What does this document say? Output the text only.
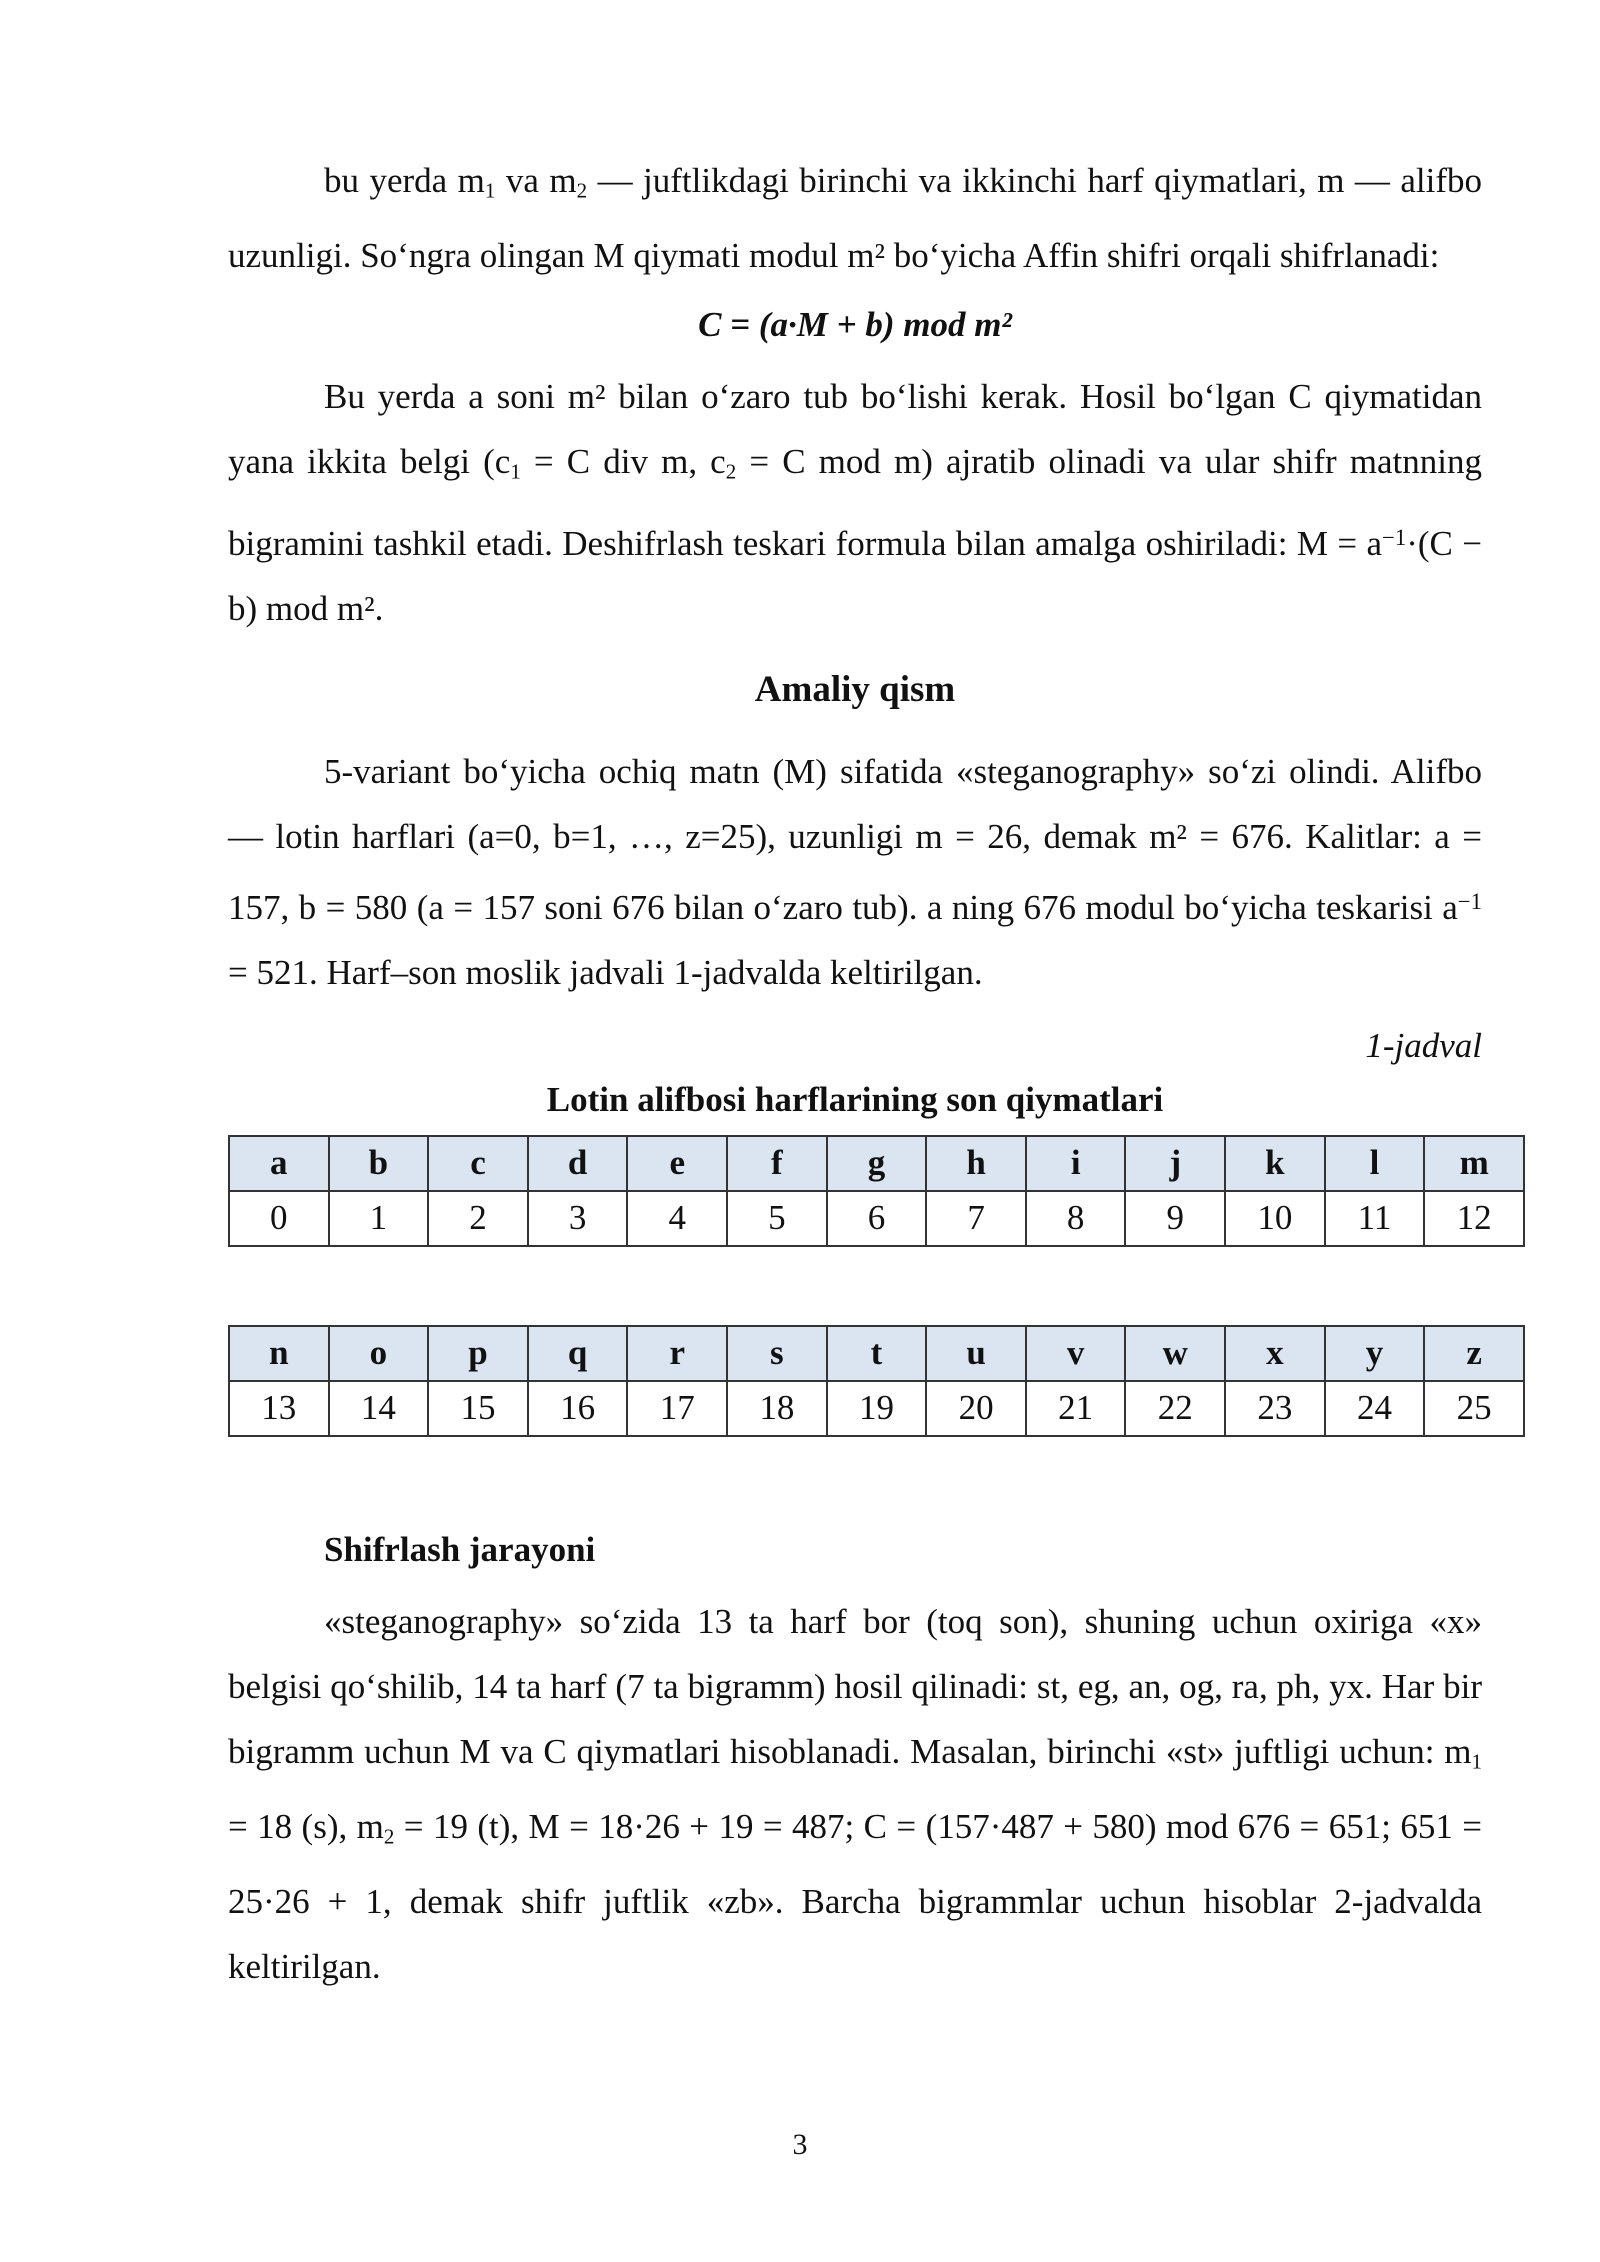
bu yerda $m_1$ va $m_2$ — juftlikdagi birinchi va ikkinchi harf qiymatlari, m — alifbo uzunligi. So‘ngra olingan M qiymati modul m² bo‘yicha Affin shifri orqali shifrlanadi:

C = (a·M + b) mod m²

Bu yerda a soni m² bilan o‘zaro tub bo‘lishi kerak. Hosil bo‘lgan C qiymatidan yana ikkita belgi ($c_1 = C$ div m, $c_2 = C$ mod m) ajratib olinadi va ular shifr matnning bigramini tashkil etadi. Deshifrlash teskari formula bilan amalga oshiriladi: $M = a^{-1}\cdot(C - b)$ mod m².

Amaliy qism

5-variant bo‘yicha ochiq matn (M) sifatida «steganography» so‘zi olindi. Alifbo — lotin harflari (a=0, b=1, …, z=25), uzunligi m = 26, demak m² = 676. Kalitlar: a = 157, b = 580 (a = 157 soni 676 bilan o‘zaro tub). a ning 676 modul bo‘yicha teskarisi $a^{-1} = 521$. Harf–son moslik jadvali 1-jadvalda keltirilgan.

1-jadval
Lotin alifbosi harflarining son qiymatlari
a	b	c	d	e	f	g	h	i	j	k	l	m
0	1	2	3	4	5	6	7	8	9	10	11	12
n	o	p	q	r	s	t	u	v	w	x	y	z
13	14	15	16	17	18	19	20	21	22	23	24	25
Shifrlash jarayoni

«steganography» so‘zida 13 ta harf bor (toq son), shuning uchun oxiriga «x» belgisi qo‘shilib, 14 ta harf (7 ta bigramm) hosil qilinadi: st, eg, an, og, ra, ph, yx. Har bir bigramm uchun M va C qiymatlari hisoblanadi. Masalan, birinchi «st» juftligi uchun: $m_1 = 18$ (s), $m_2 = 19$ (t), M = 18·26 + 19 = 487; C = (157·487 + 580) mod 676 = 651; 651 = 25·26 + 1, demak shifr juftlik «zb». Barcha bigrammlar uchun hisoblar 2-jadvalda keltirilgan.

3
